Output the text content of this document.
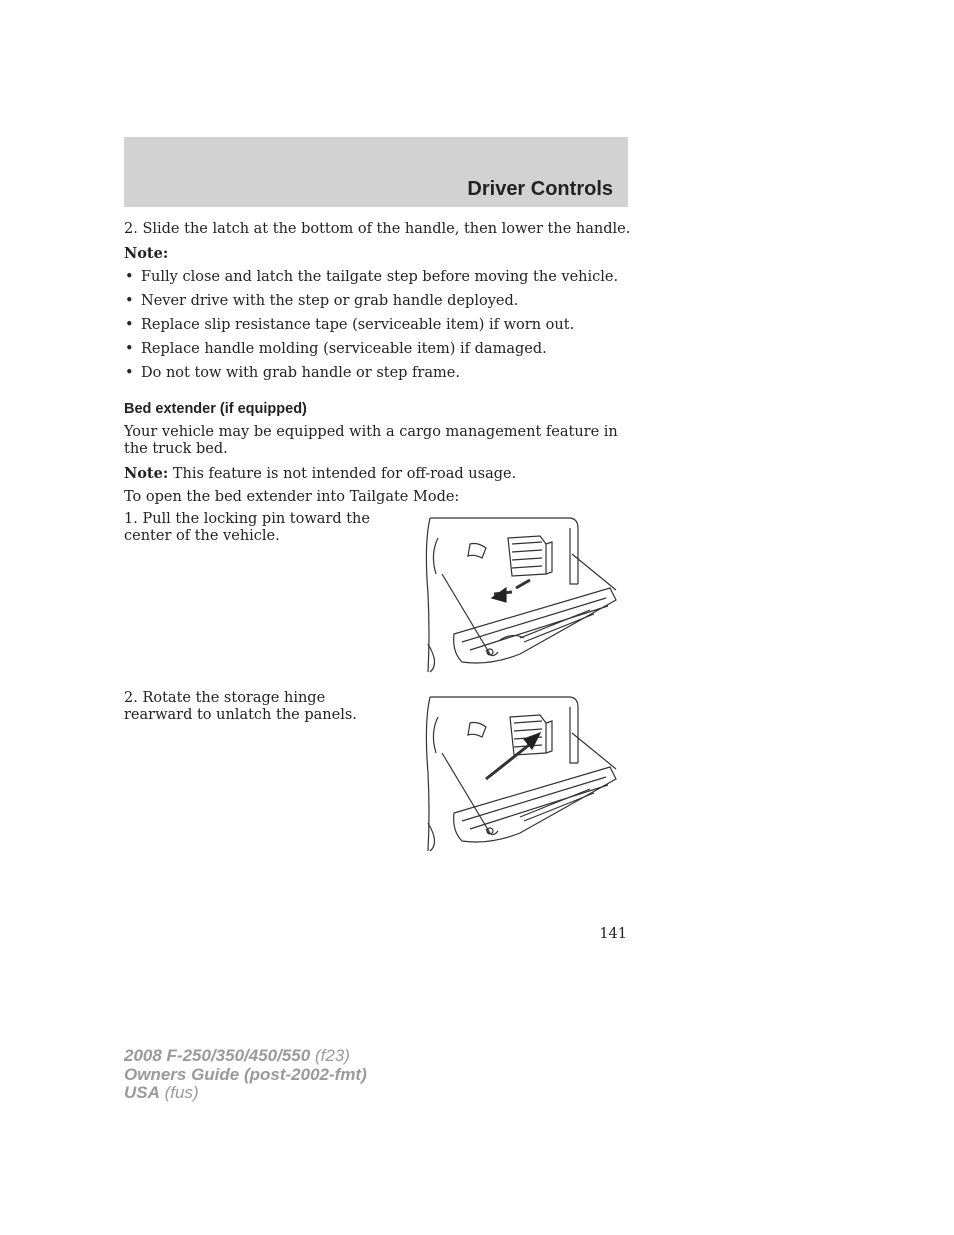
Driver Controls

2. Slide the latch at the bottom of the handle, then lower the handle.

Note:

• Fully close and latch the tailgate step before moving the vehicle.
• Never drive with the step or grab handle deployed.
• Replace slip resistance tape (serviceable item) if worn out.
• Replace handle molding (serviceable item) if damaged.
• Do not tow with grab handle or step frame.
Bed extender (if equipped)

Your vehicle may be equipped with a cargo management feature in the truck bed.

Note: This feature is not intended for off-road usage.

To open the bed extender into Tailgate Mode:

1. Pull the locking pin toward the center of the vehicle.

2. Rotate the storage hinge rearward to unlatch the panels.

141
2008 F-250/350/450/550 (f23)
Owners Guide (post-2002-fmt)
USA (fus)
